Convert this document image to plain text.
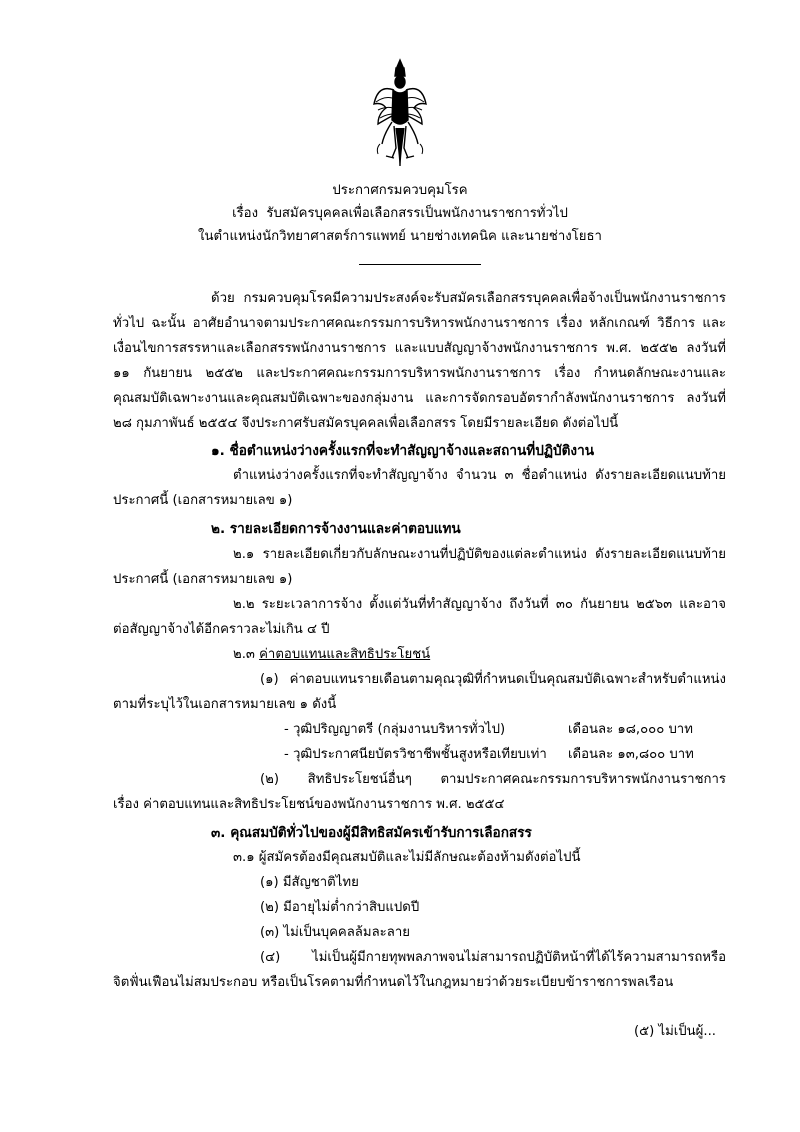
ประกาศกรมควบคุมโรค
เรื่อง รับสมัครบุคคลเพื่อเลือกสรรเป็นพนักงานราชการทั่วไป
ในตำแหน่งนักวิทยาศาสตร์การแพทย์ นายช่างเทคนิค และนายช่างโยธา
ด้วย กรมควบคุมโรคมีความประสงค์จะรับสมัครเลือกสรรบุคคลเพื่อจ้างเป็นพนักงานราชการ
ทั่วไป ฉะนั้น อาศัยอำนาจตามประกาศคณะกรรมการบริหารพนักงานราชการ เรื่อง หลักเกณฑ์ วิธีการ และ
เงื่อนไขการสรรหาและเลือกสรรพนักงานราชการ และแบบสัญญาจ้างพนักงานราชการ พ.ศ. ๒๕๕๒ ลงวันที่
๑๑ กันยายน ๒๕๕๒ และประกาศคณะกรรมการบริหารพนักงานราชการ เรื่อง กำหนดลักษณะงานและ
คุณสมบัติเฉพาะงานและคุณสมบัติเฉพาะของกลุ่มงาน และการจัดกรอบอัตรากำลังพนักงานราชการ ลงวันที่
๒๘ กุมภาพันธ์ ๒๕๕๔ จึงประกาศรับสมัครบุคคลเพื่อเลือกสรร โดยมีรายละเอียด ดังต่อไปนี้
๑. ชื่อตำแหน่งว่างครั้งแรกที่จะทำสัญญาจ้างและสถานที่ปฏิบัติงาน
ตำแหน่งว่างครั้งแรกที่จะทำสัญญาจ้าง จำนวน ๓ ชื่อตำแหน่ง ดังรายละเอียดแนบท้าย
ประกาศนี้ (เอกสารหมายเลข ๑)
๒. รายละเอียดการจ้างงานและค่าตอบแทน
๒.๑ รายละเอียดเกี่ยวกับลักษณะงานที่ปฏิบัติของแต่ละตำแหน่ง ดังรายละเอียดแนบท้าย
ประกาศนี้ (เอกสารหมายเลข ๑)
๒.๒ ระยะเวลาการจ้าง ตั้งแต่วันที่ทำสัญญาจ้าง ถึงวันที่ ๓๐ กันยายน ๒๕๖๓ และอาจ
ต่อสัญญาจ้างได้อีกคราวละไม่เกิน ๔ ปี
๒.๓ ค่าตอบแทนและสิทธิประโยชน์
(๑) ค่าตอบแทนรายเดือนตามคุณวุฒิที่กำหนดเป็นคุณสมบัติเฉพาะสำหรับตำแหน่ง
ตามที่ระบุไว้ในเอกสารหมายเลข ๑ ดังนี้
- วุฒิปริญญาตรี (กลุ่มงานบริหารทั่วไป)	เดือนละ ๑๘,๐๐๐ บาท
- วุฒิประกาศนียบัตรวิชาชีพชั้นสูงหรือเทียบเท่า เดือนละ ๑๓,๘๐๐ บาท
(๒) สิทธิประโยชน์อื่นๆ ตามประกาศคณะกรรมการบริหารพนักงานราชการ
เรื่อง ค่าตอบแทนและสิทธิประโยชน์ของพนักงานราชการ พ.ศ. ๒๕๕๔
๓. คุณสมบัติทั่วไปของผู้มีสิทธิสมัครเข้ารับการเลือกสรร
๓.๑ ผู้สมัครต้องมีคุณสมบัติและไม่มีลักษณะต้องห้ามดังต่อไปนี้
(๑) มีสัญชาติไทย
(๒) มีอายุไม่ต่ำกว่าสิบแปดปี
(๓) ไม่เป็นบุคคลล้มละลาย
(๔) ไม่เป็นผู้มีกายทุพพลภาพจนไม่สามารถปฏิบัติหน้าที่ได้ไร้ความสามารถหรือ
จิตฟั่นเฟือนไม่สมประกอบ หรือเป็นโรคตามที่กำหนดไว้ในกฎหมายว่าด้วยระเบียบข้าราชการพลเรือน
(๕) ไม่เป็นผู้...
